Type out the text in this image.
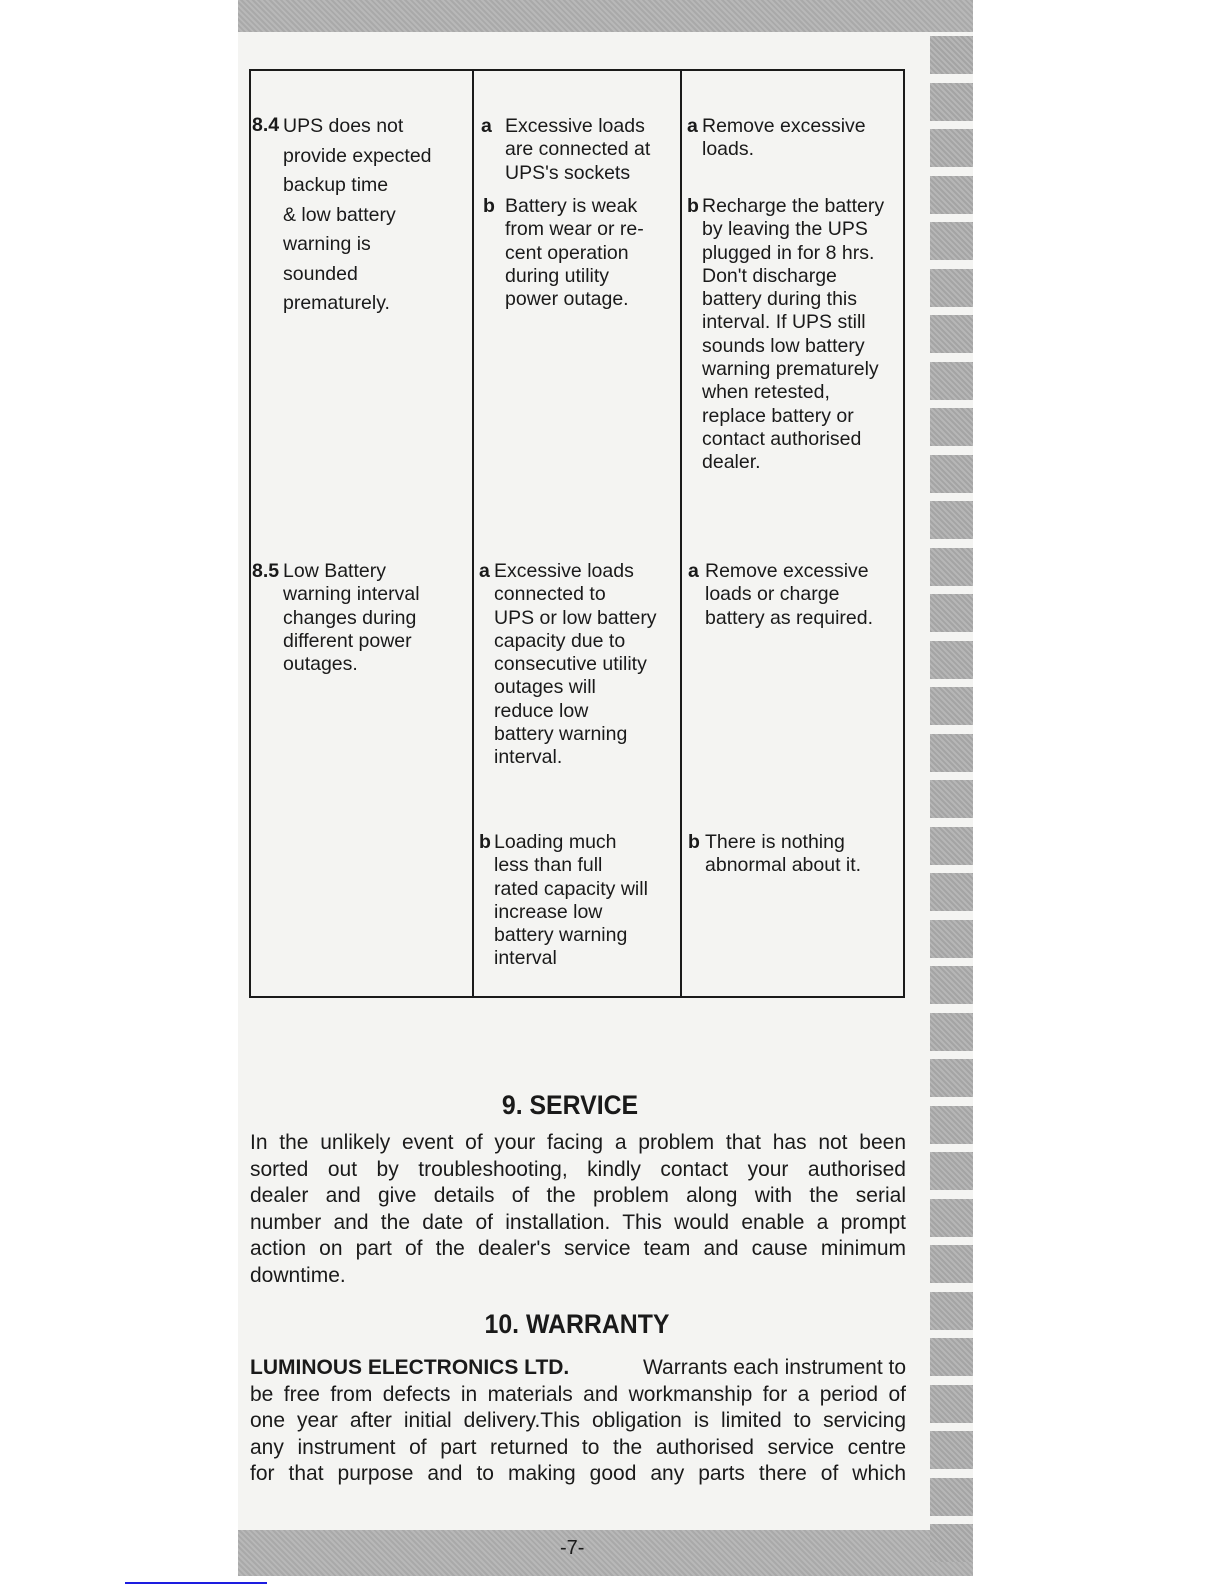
8.4 UPS does not
provide expected
backup time
& low battery
warning is
sounded
prematurely.
a Excessive loads
are connected at
UPS's sockets
b Battery is weak
from wear or re-
cent operation
during utility
power outage.
a Remove excessive
loads.
b Recharge the battery
by leaving the UPS
plugged in for 8 hrs.
Don't discharge
battery during this
interval. If UPS still
sounds low battery
warning prematurely
when retested,
replace battery or
contact authorised
dealer.
8.5 Low Battery
warning interval
changes during
different power
outages.
a Excessive loads
connected to
UPS or low battery
capacity due to
consecutive utility
outages will
reduce low
battery warning
interval.
b Loading much
less than full
rated capacity will
increase low
battery warning
interval
a Remove excessive
loads or charge
battery as required.
b There is nothing
abnormal about it.
9. SERVICE
In the unlikely event of your facing a problem that has not been
sorted out by troubleshooting, kindly contact your authorised
dealer and give details of the problem along with the serial
number and the date of installation. This would enable a prompt
action on part of the dealer's service team and cause minimum
downtime.
10. WARRANTY
LUMINOUS ELECTRONICS LTD.	Warrants each instrument to
be free from defects in materials and workmanship for a period of
one year after initial delivery.This obligation is limited to servicing
any instrument of part returned to the authorised service centre
for that purpose and to making good any parts there of which
-7-
